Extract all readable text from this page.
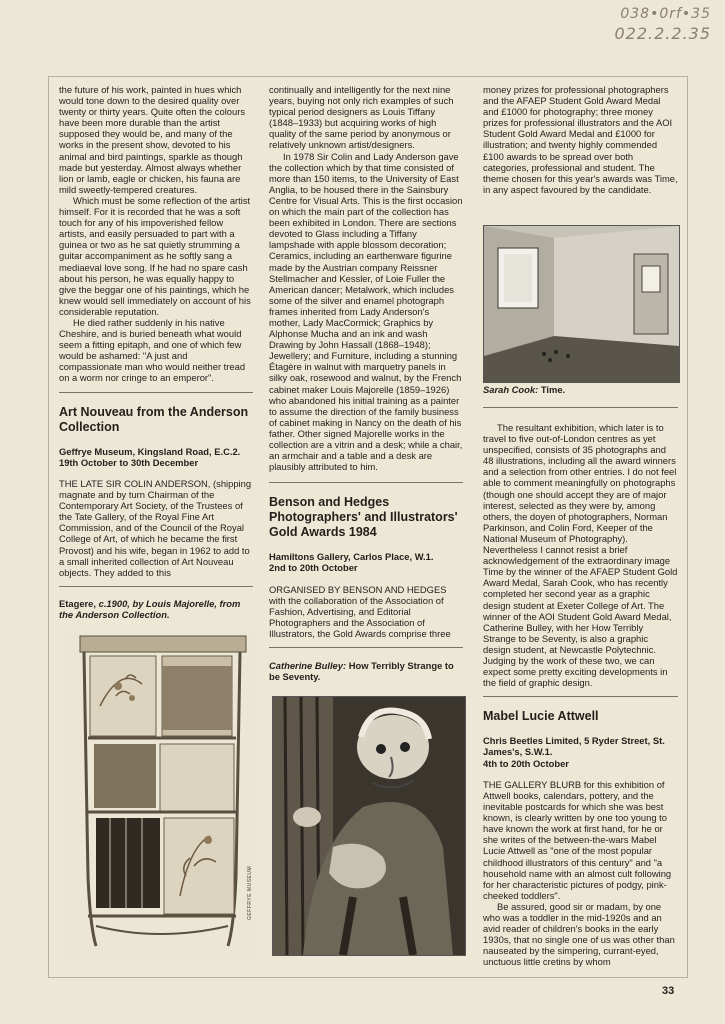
038•0rf•35
022.2.2.35

the future of his work, painted in hues which would tone down to the desired quality over twenty or thirty years. Quite often the colours have been more durable than the artist supposed they would be, and many of the works in the present show, devoted to his animal and bird paintings, sparkle as though made but yesterday. Almost always whether lion or lamb, eagle or chicken, his fauna are mild sweetly-tempered creatures.

Which must be some reflection of the artist himself. For it is recorded that he was a soft touch for any of his impoverished fellow artists, and easily persuaded to part with a guinea or two as he sat quietly strumming a guitar accompaniment as he softly sang a mediaeval love song. If he had no spare cash about his person, he was equally happy to give the beggar one of his paintings, which he knew would sell immediately on account of his considerable reputation.

He died rather suddenly in his native Cheshire, and is buried beneath what would seem a fitting epitaph, and one of which few would be ashamed: "A just and compassionate man who would neither tread on a worm nor cringe to an emperor".

Art Nouveau from the Anderson Collection

Geffrye Museum, Kingsland Road, E.C.2.

19th October to 30th December

THE LATE SIR COLIN ANDERSON, (shipping magnate and by turn Chairman of the Contemporary Art Society, of the Trustees of the Tate Gallery, of the Royal Fine Art Commission, and of the Council of the Royal College of Art, of which he became the first Provost) and his wife, began in 1962 to add to a small inherited collection of Art Nouveau objects. They added to this

Etagere, c.1900, by Louis Majorelle, from the Anderson Collection.

GEFFRYE MUSEUM

continually and intelligently for the next nine years, buying not only rich examples of such typical period designers as Louis Tiffany (1848–1933) but acquiring works of high quality of the same period by anonymous or relatively unknown artist/designers.

In 1978 Sir Colin and Lady Anderson gave the collection which by that time consisted of more than 150 items, to the University of East Anglia, to be housed there in the Sainsbury Centre for Visual Arts. This is the first occasion on which the main part of the collection has been exhibited in London. There are sections devoted to Glass including a Tiffany lampshade with apple blossom decoration; Ceramics, including an earthenware figurine made by the Austrian company Reissner Stellmacher and Kessler, of Loie Fuller the American dancer; Metalwork, which includes some of the silver and enamel photograph frames inherited from Lady Anderson's mother, Lady MacCormick; Graphics by Alphonse Mucha and an ink and wash Drawing by John Hassall (1868–1948); Jewellery; and Furniture, including a stunning Étagère in walnut with marquetry panels in silky oak, rosewood and walnut, by the French cabinet maker Louis Majorelle (1859–1926) who abandoned his initial training as a painter to assume the direction of the family business of cabinet making in Nancy on the death of his father. Other signed Majorelle works in the collection are a vitrin and a desk; while a chair, an armchair and a table and a desk are plausibly attributed to him.

Benson and Hedges Photographers' and Illustrators' Gold Awards 1984

Hamiltons Gallery, Carlos Place, W.1.

2nd to 20th October

ORGANISED BY BENSON AND HEDGES with the collaboration of the Association of Fashion, Advertising, and Editorial Photographers and the Association of Illustrators, the Gold Awards comprise three

Catherine Bulley: How Terribly Strange to be Seventy.

money prizes for professional photographers and the AFAEP Student Gold Award Medal and £1000 for photography; three money prizes for professional illustrators and the AOI Student Gold Award Medal and £1000 for illustration; and twenty highly commended £100 awards to be spread over both categories, professional and student. The theme chosen for this year's awards was Time, in any aspect favoured by the candidate.

Sarah Cook: Time.

The resultant exhibition, which later is to travel to five out-of-London centres as yet unspecified, consists of 35 photographs and 48 illustrations, including all the award winners and a selection from other entries. I do not feel able to comment meaningfully on photographs (though one should accept they are of major interest, selected as they were by, among others, the doyen of photographers, Norman Parkinson, and Colin Ford, Keeper of the National Museum of Photography). Nevertheless I cannot resist a brief acknowledgement of the extraordinary image Time by the winner of the AFAEP Student Gold Award Medal, Sarah Cook, who has recently completed her second year as a graphic design student at Exeter College of Art. The winner of the AOI Student Gold Award Medal, Catherine Bulley, with her How Terribly Strange to be Seventy, is also a graphic design student, at Newcastle Polytechnic. Judging by the work of these two, we can expect some pretty exciting developments in the field of graphic design.

Mabel Lucie Attwell

Chris Beetles Limited, 5 Ryder Street, St. James's, S.W.1.

4th to 20th October

THE GALLERY BLURB for this exhibition of Attwell books, calendars, pottery, and the inevitable postcards for which she was best known, is clearly written by one too young to have known the work at first hand, for he or she writes of the between-the-wars Mabel Lucie Attwell as "one of the most popular childhood illustrators of this century" and "a household name with an almost cult following for her characteristic pictures of podgy, pink-cheeked toddlers".

Be assured, good sir or madam, by one who was a toddler in the mid-1920s and an avid reader of children's books in the early 1930s, that no single one of us was other than nauseated by the simpering, currant-eyed, unctuous little cretins by whom

33
